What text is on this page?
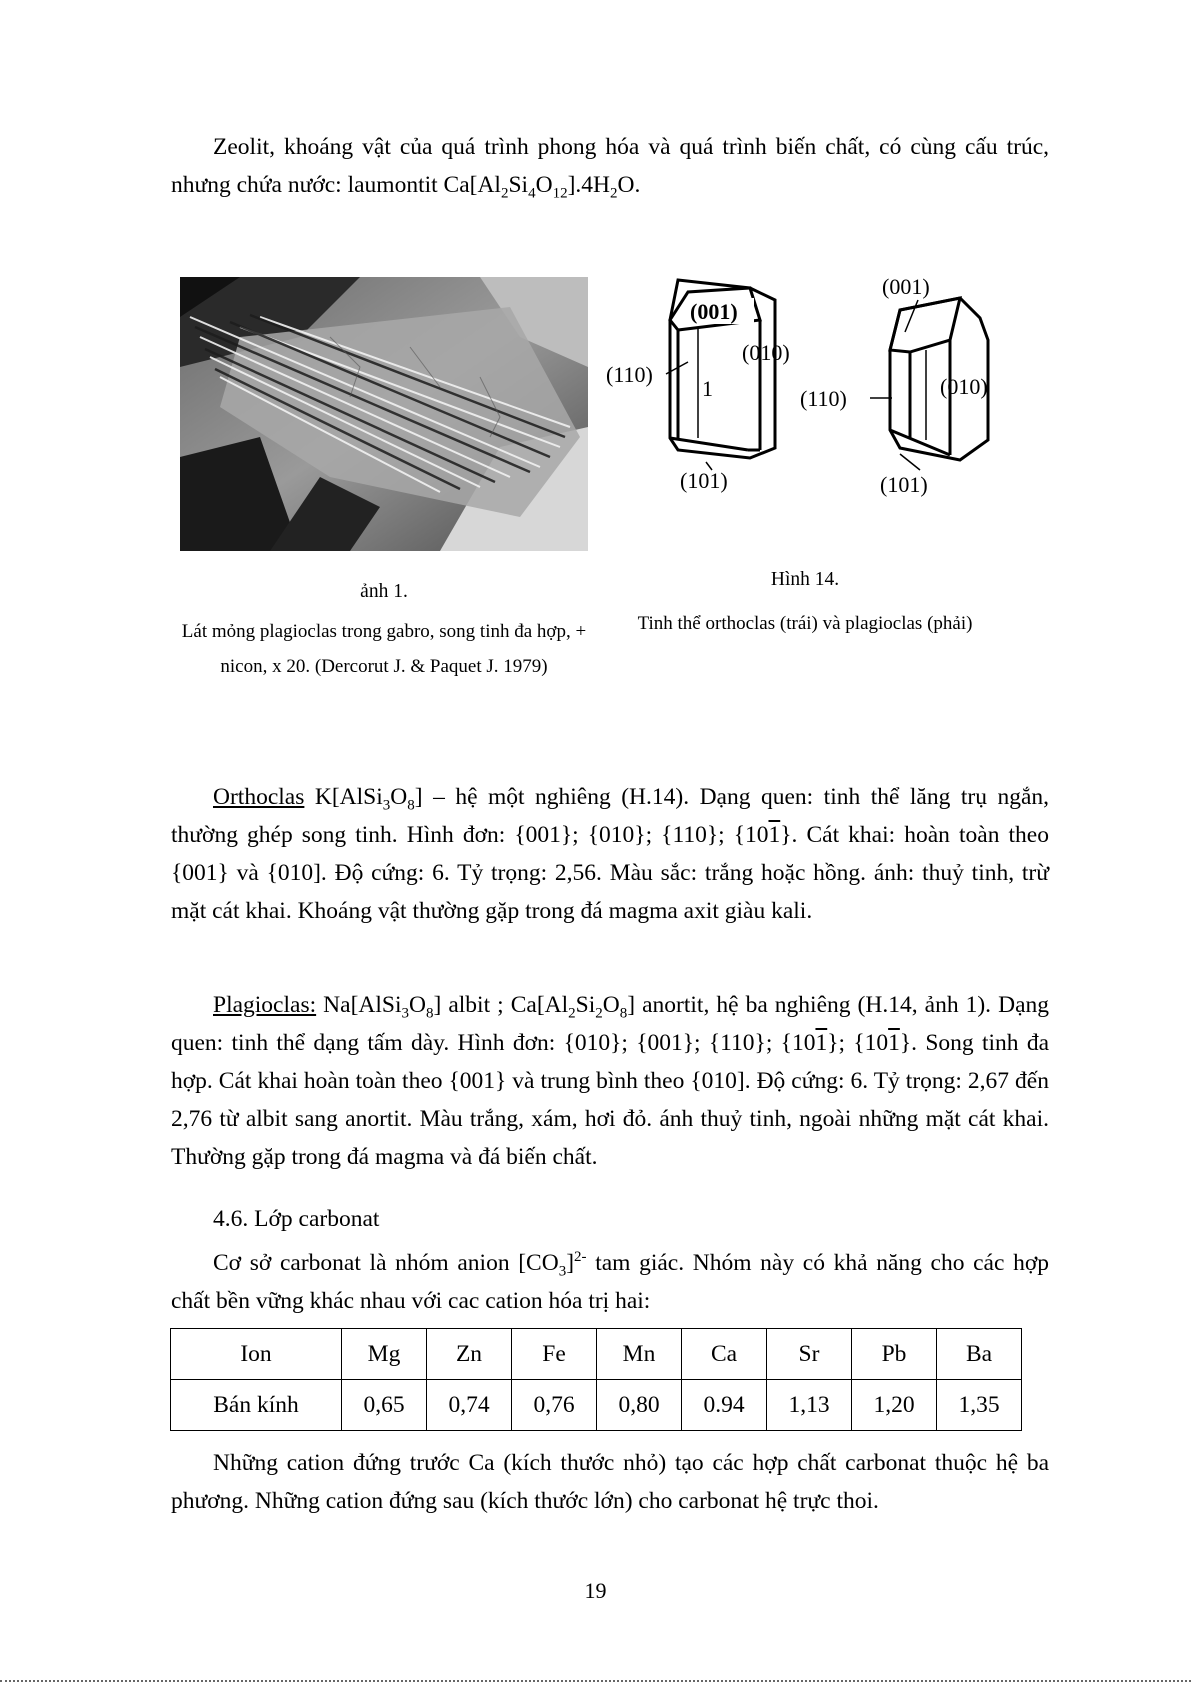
Zeolit, khoáng vật của quá trình phong hóa và quá trình biến chất, có cùng cấu trúc, nhưng chứa nước: laumontit $Ca[Al_2Si_4O_{12}].4H_2O$.

ảnh 1.
Lát mỏng plagioclas trong gabro, song tinh đa hợp, + nicon, x 20. (Dercorut J. & Paquet J. 1979)
(001)
(110)
(010)
1
(101)
(001)
(110)	(010)
(101)
Hình 14.
Tinh thể orthoclas (trái) và plagioclas (phải)

Orthoclas $K[AlSi_3O_8]$ – hệ một nghiêng (H.14). Dạng quen: tinh thể lăng trụ ngắn, thường ghép song tinh. Hình đơn: {001}; {010}; {110}; {101}. Cát khai: hoàn toàn theo {001} và {010]. Độ cứng: 6. Tỷ trọng: 2,56. Màu sắc: trắng hoặc hồng. ánh: thuỷ tinh, trừ mặt cát khai. Khoáng vật thường gặp trong đá magma axit giàu kali.

Plagioclas: $Na[AlSi_3O_8]$ albit ; $Ca[Al_2Si_2O_8]$ anortit, hệ ba nghiêng (H.14, ảnh 1). Dạng quen: tinh thể dạng tấm dày. Hình đơn: {010}; {001}; {110}; {101}; {101}. Song tinh đa hợp. Cát khai hoàn toàn theo {001} và trung bình theo {010]. Độ cứng: 6. Tỷ trọng: 2,67 đến 2,76 từ albit sang anortit. Màu trắng, xám, hơi đỏ. ánh thuỷ tinh, ngoài những mặt cát khai. Thường gặp trong đá magma và đá biến chất.

4.6. Lớp carbonat

Cơ sở carbonat là nhóm anion $[CO_3]^{2-}$ tam giác. Nhóm này có khả năng cho các hợp chất bền vững khác nhau với cac cation hóa trị hai:

Ion	Mg	Zn	Fe	Mn	Ca	Sr	Pb	Ba
Bán kính	0,65	0,74	0,76	0,80	0.94	1,13	1,20	1,35

Những cation đứng trước Ca (kích thước nhỏ) tạo các hợp chất carbonat thuộc hệ ba phương. Những cation đứng sau (kích thước lớn) cho carbonat hệ trực thoi.

19
